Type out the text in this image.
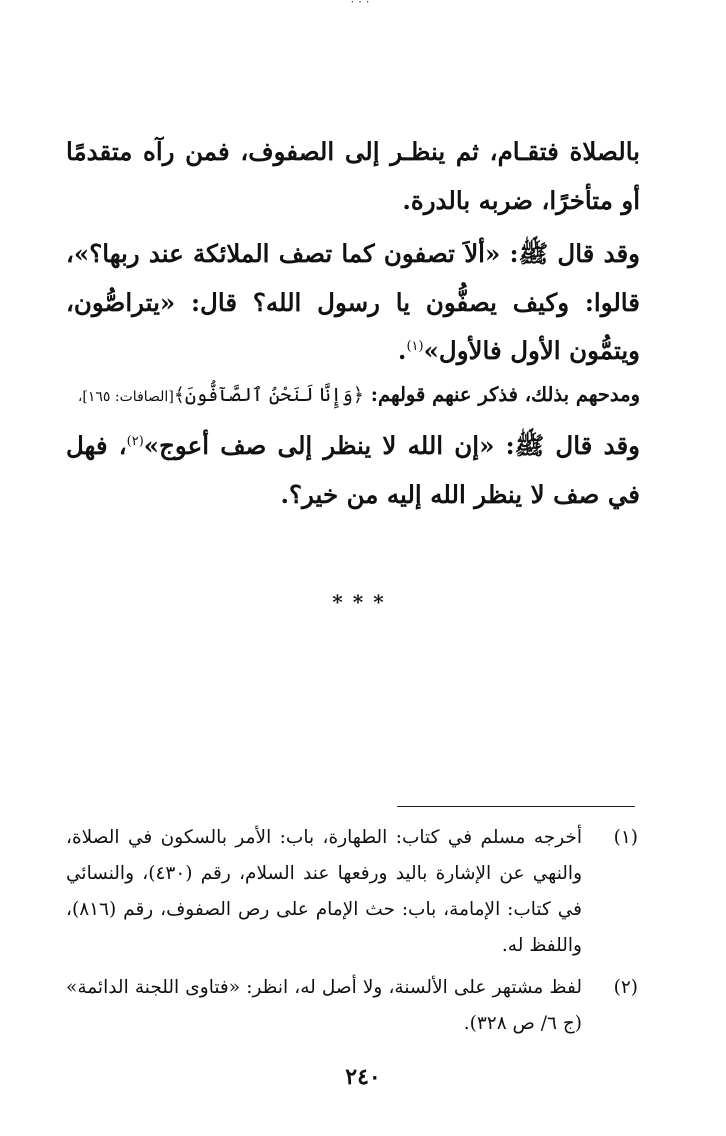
· · ·

بالصلاة فتقـام، ثم ينظـر إلى الصفوف، فمن رآه متقدمًا أو متأخرًا، ضربه بالدرة.

وقد قال ﷺ: «ألاَ تصفون كما تصف الملائكة عند ربها؟»، قالوا: وكيف يصفُّون يا رسول الله؟ قال: «يتراصُّون، ويتمُّون الأول فالأول»$^{(١)}$.

ومدحهم بذلك، فذكر عنهم قولهم: ﴿وَإِنَّا لَنَحْنُ ٱلصَّآفُّونَ﴾[الصافات: ١٦٥]،

وقد قال ﷺ: «إن الله لا ينظر إلى صف أعوج»$^{(٢)}$، فهل في صف لا ينظر الله إليه من خير؟.

***
(١)
أخرجه مسلم في كتاب: الطهارة، باب: الأمر بالسكون في الصلاة، والنهي عن الإشارة باليد ورفعها عند السلام، رقم (٤٣٠)، والنسائي في كتاب: الإمامة، باب: حث الإمام على رص الصفوف، رقم (٨١٦)، واللفظ له.
(٢)
لفظ مشتهر على الألسنة، ولا أصل له، انظر: «فتاوى اللجنة الدائمة» (ج ٦/ ص ٣٢٨).
٢٤٠
